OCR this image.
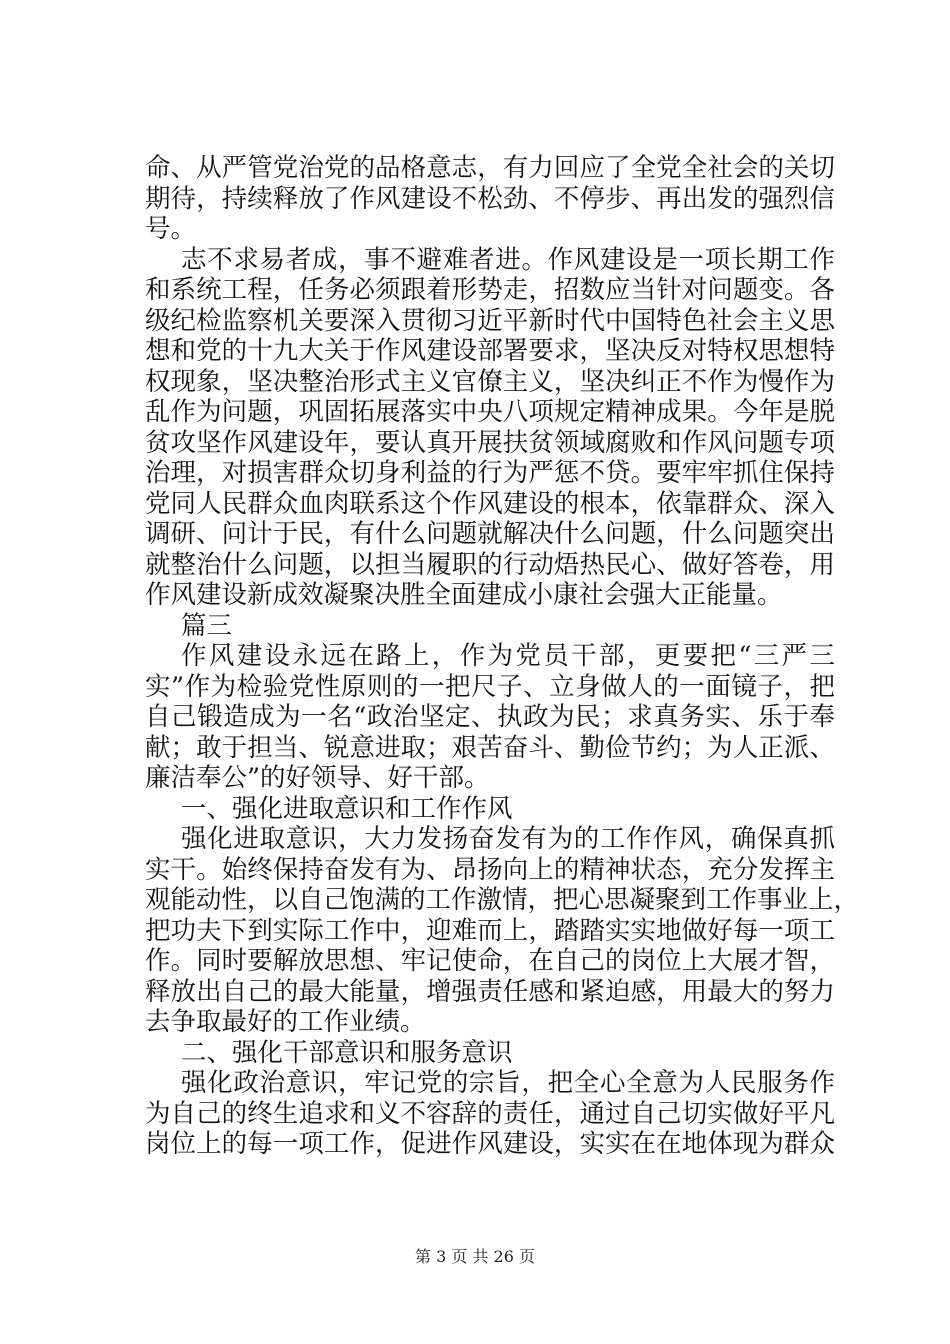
命、从严管党治党的品格意志，有力回应了全党全社会的关切
期待，持续释放了作风建设不松劲、不停步、再出发的强烈信
号。
志不求易者成，事不避难者进。作风建设是一项长期工作
和系统工程，任务必须跟着形势走，招数应当针对问题变。各
级纪检监察机关要深入贯彻习近平新时代中国特色社会主义思
想和党的十九大关于作风建设部署要求，坚决反对特权思想特
权现象，坚决整治形式主义官僚主义，坚决纠正不作为慢作为
乱作为问题，巩固拓展落实中央八项规定精神成果。今年是脱
贫攻坚作风建设年，要认真开展扶贫领域腐败和作风问题专项
治理，对损害群众切身利益的行为严惩不贷。要牢牢抓住保持
党同人民群众血肉联系这个作风建设的根本，依靠群众、深入
调研、问计于民，有什么问题就解决什么问题，什么问题突出
就整治什么问题，以担当履职的行动焐热民心、做好答卷，用
作风建设新成效凝聚决胜全面建成小康社会强大正能量。
篇三
作风建设永远在路上，作为党员干部，更要把“三严三
实”作为检验党性原则的一把尺子、立身做人的一面镜子，把
自己锻造成为一名“政治坚定、执政为民；求真务实、乐于奉
献；敢于担当、锐意进取；艰苦奋斗、勤俭节约；为人正派、
廉洁奉公”的好领导、好干部。
一、强化进取意识和工作作风
强化进取意识，大力发扬奋发有为的工作作风，确保真抓
实干。始终保持奋发有为、昂扬向上的精神状态，充分发挥主
观能动性，以自己饱满的工作激情，把心思凝聚到工作事业上，
把功夫下到实际工作中，迎难而上，踏踏实实地做好每一项工
作。同时要解放思想、牢记使命，在自己的岗位上大展才智，
释放出自己的最大能量，增强责任感和紧迫感，用最大的努力
去争取最好的工作业绩。
二、强化干部意识和服务意识
强化政治意识，牢记党的宗旨，把全心全意为人民服务作
为自己的终生追求和义不容辞的责任，通过自己切实做好平凡
岗位上的每一项工作，促进作风建设，实实在在地体现为群众
第 3 页 共 26 页
